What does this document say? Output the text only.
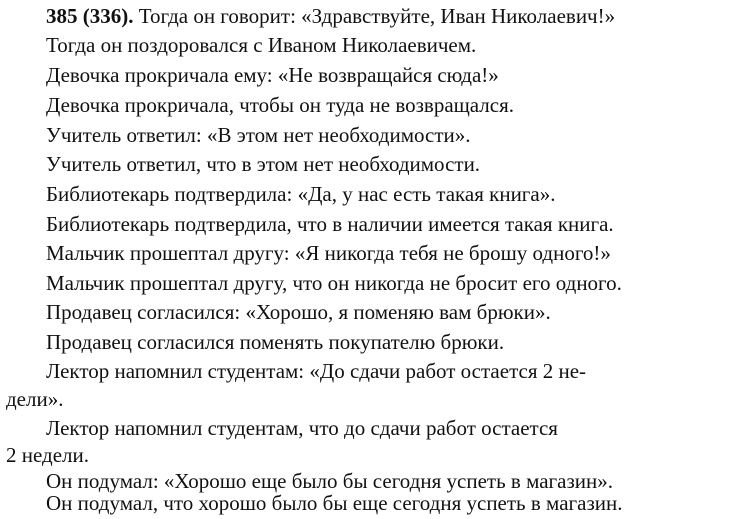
385 (336). Тогда он говорит: «Здравствуйте, Иван Николаевич!»
Тогда он поздоровался с Иваном Николаевичем.
Девочка прокричала ему: «Не возвращайся сюда!»
Девочка прокричала, чтобы он туда не возвращался.
Учитель ответил: «В этом нет необходимости».
Учитель ответил, что в этом нет необходимости.
Библиотекарь подтвердила: «Да, у нас есть такая книга».
Библиотекарь подтвердила, что в наличии имеется такая книга.
Мальчик прошептал другу: «Я никогда тебя не брошу одного!»
Мальчик прошептал другу, что он никогда не бросит его одного.
Продавец согласился: «Хорошо, я поменяю вам брюки».
Продавец согласился поменять покупателю брюки.
Лектор напомнил студентам: «До сдачи работ остается 2 не-
дели».
Лектор напомнил студентам, что до сдачи работ остается
2 недели.
Он подумал: «Хорошо еще было бы сегодня успеть в магазин».
Он подумал, что хорошо было бы еще сегодня успеть в магазин.
